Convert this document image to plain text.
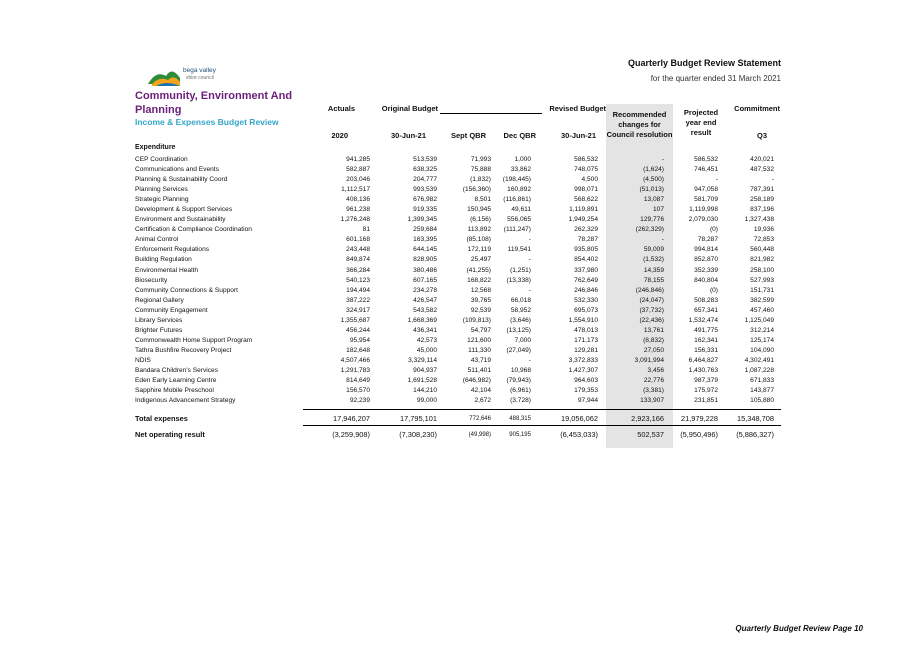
Quarterly Budget Review Statement
for the quarter ended 31 March 2021
bega valley
shire council
Community, Environment And Planning
Income & Expenses Budget Review
Actuals
2020
Original Budget
30-Jun-21	Sept QBR	Dec QBR
Revised Budget
30-Jun-21
Recommended changes for Council resolution
Projected year end result
Commitment
Q3
Expenditure
CEP Coordination	941,285	513,539	71,993	1,000	586,532	-	586,532	420,021
Communications and Events	582,887	638,325	75,888	33,862	748,075	(1,624)	746,451	487,532
Planning & Sustainability Coord	203,046	204,777	(1,832)	(198,445)	4,500	(4,500)	-	-
Planning Services	1,112,517	993,539	(156,360)	160,892	998,071	(51,013)	947,058	787,391
Strategic Planning	408,136	676,982	8,501	(116,861)	568,622	13,087	581,709	258,189
Development & Support Services	961,238	919,335	150,945	49,611	1,119,891	107	1,119,998	837,196
Environment and Sustainability	1,276,248	1,399,345	(6,156)	556,065	1,949,254	129,776	2,079,030	1,327,438
Certification & Compliance Coordination	81	259,684	113,892	(111,247)	262,329	(262,329)	(0)	19,936
Animal Control	601,168	163,395	(85,108)	-	78,287	-	78,287	72,853
Enforcement Regulations	243,448	644,145	172,119	119,541	935,805	59,009	994,814	560,448
Building Regulation	849,874	828,905	25,497	-	854,402	(1,532)	852,870	821,982
Environmental Health	366,284	380,486	(41,255)	(1,251)	337,980	14,359	352,339	258,100
Biosecurity	540,123	607,165	168,822	(13,338)	762,649	78,155	840,804	527,993
Community Connections & Support	194,494	234,278	12,568	-	246,846	(246,846)	(0)	151,731
Regional Gallery	387,222	426,547	39,765	66,018	532,330	(24,047)	508,283	382,599
Community Engagement	324,917	543,582	92,539	58,952	695,073	(37,732)	657,341	457,460
Library Services	1,355,687	1,668,369	(109,813)	(3,646)	1,554,910	(22,436)	1,532,474	1,125,049
Brighter Futures	456,244	436,341	54,797	(13,125)	478,013	13,761	491,775	312,214
Commonwealth Home Support Program	95,954	42,573	121,600	7,000	171,173	(8,832)	162,341	125,174
Tathra Bushfire Recovery Project	182,648	45,000	111,330	(27,049)	129,281	27,050	156,331	104,090
NDIS	4,507,466	3,329,114	43,719	-	3,372,833	3,091,994	6,464,827	4,302,491
Bandara Children's Services	1,291,783	904,937	511,401	10,968	1,427,307	3,456	1,430,763	1,087,228
Eden Early Learning Centre	814,649	1,691,528	(646,982)	(79,943)	964,603	22,776	987,379	671,833
Sapphire Mobile Preschool	156,570	144,210	42,104	(6,961)	179,353	(3,381)	175,972	143,877
Indigenous Advancement Strategy	92,239	99,000	2,672	(3,728)	97,944	133,907	231,851	105,880
Total expenses	17,946,207	17,795,101	772,646	488,315	19,056,062	2,923,166	21,979,228	15,348,708
Net operating result	(3,259,908)	(7,308,230)	(49,998)	905,195	(6,453,033)	502,537	(5,950,496)	(5,886,327)
Quarterly Budget Review Page 10
